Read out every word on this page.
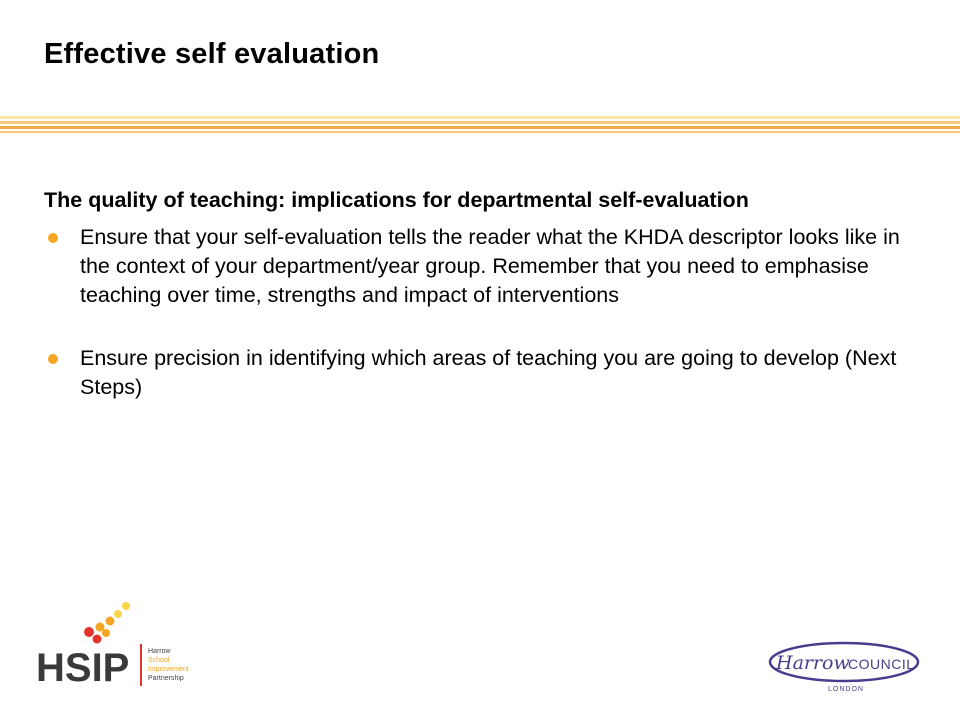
Effective self evaluation

The quality of teaching: implications for departmental self-evaluation

Ensure that your self-evaluation tells the reader what the KHDA descriptor looks like in the context of your department/year group. Remember that you need to emphasise teaching over time, strengths and impact of interventions
Ensure precision in identifying which areas of teaching you are going to develop (Next Steps)
HSIP	Harrow
School
Improvement
Partnership
Harrow
COUNCIL
LONDON
